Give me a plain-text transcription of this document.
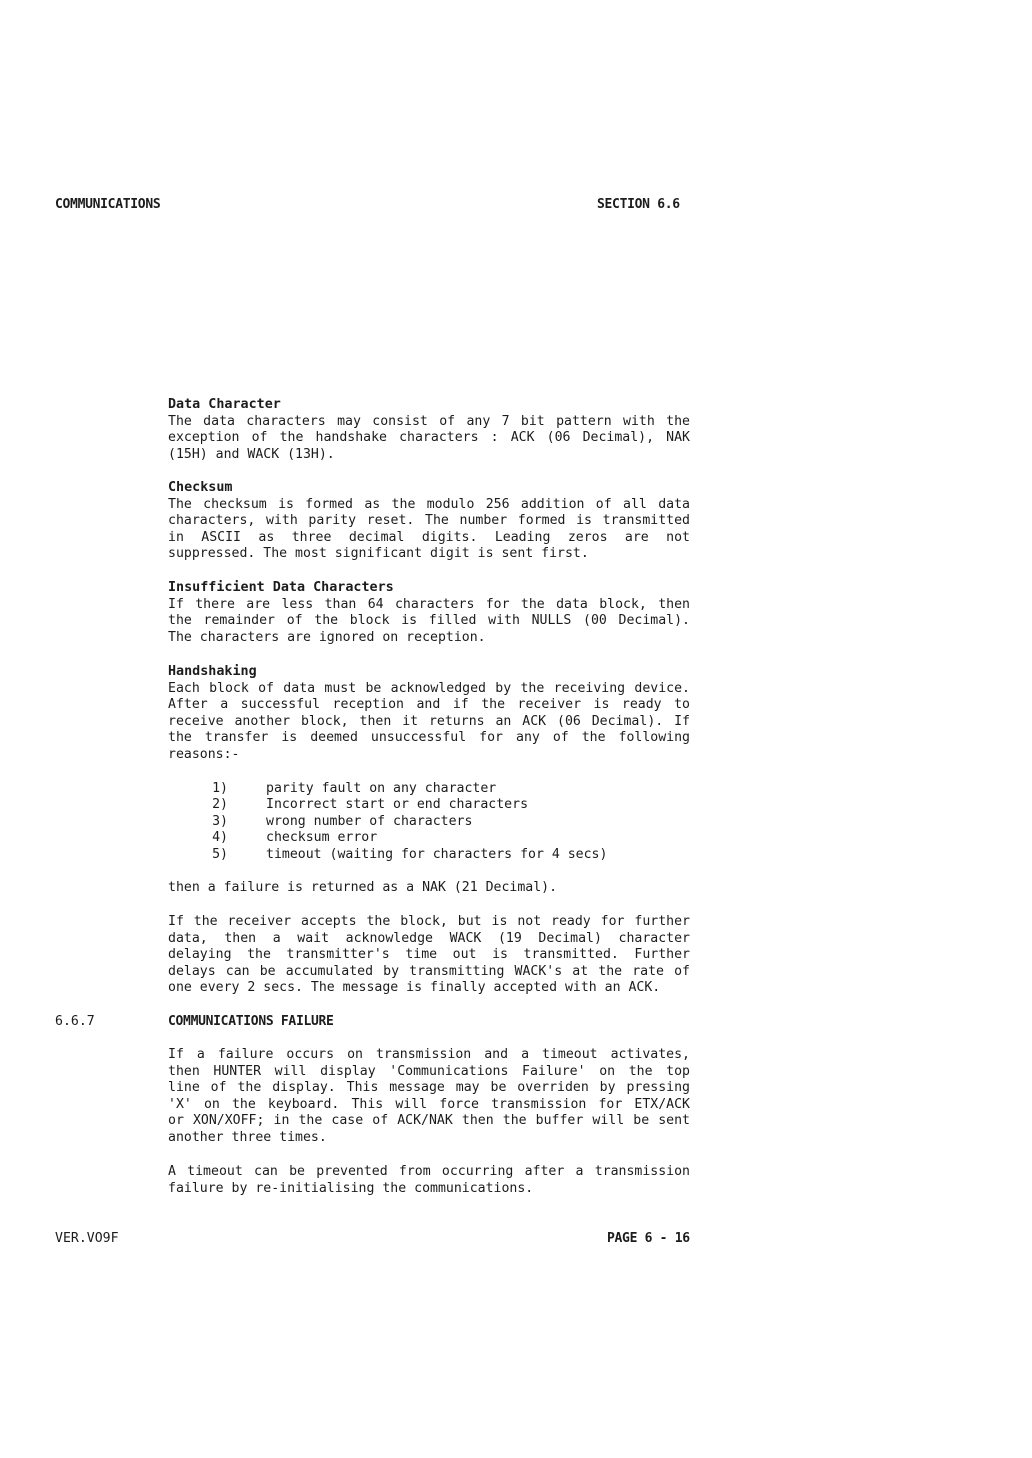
COMMUNICATIONS	SECTION 6.6
Data Character
The data characters may consist of any 7 bit pattern with the
exception of the handshake characters : ACK (06 Decimal), NAK
(15H) and WACK (13H).
Checksum
The checksum is formed as the modulo 256 addition of all data
characters, with parity reset. The number formed is transmitted
in ASCII as three decimal digits. Leading zeros are not
suppressed. The most significant digit is sent first.
Insufficient Data Characters
If there are less than 64 characters for the data block, then
the remainder of the block is filled with NULLS (00 Decimal).
The characters are ignored on reception.
Handshaking
Each block of data must be acknowledged by the receiving device.
After a successful reception and if the receiver is ready to
receive another block, then it returns an ACK (06 Decimal). If
the transfer is deemed unsuccessful for any of the following
reasons:-
1)	parity fault on any character
2)	Incorrect start or end characters
3)	wrong number of characters
4)	checksum error
5)	timeout (waiting for characters for 4 secs)
then a failure is returned as a NAK (21 Decimal).
If the receiver accepts the block, but is not ready for further
data, then a wait acknowledge WACK (19 Decimal) character
delaying the transmitter's time out is transmitted. Further
delays can be accumulated by transmitting WACK's at the rate of
one every 2 secs. The message is finally accepted with an ACK.
6.6.7	COMMUNICATIONS FAILURE
If a failure occurs on transmission and a timeout activates,
then HUNTER will display 'Communications Failure' on the top
line of the display. This message may be overriden by pressing
'X' on the keyboard. This will force transmission for ETX/ACK
or XON/XOFF; in the case of ACK/NAK then the buffer will be sent
another three times.
A timeout can be prevented from occurring after a transmission
failure by re-initialising the communications.
VER.VO9F	PAGE 6 - 16
